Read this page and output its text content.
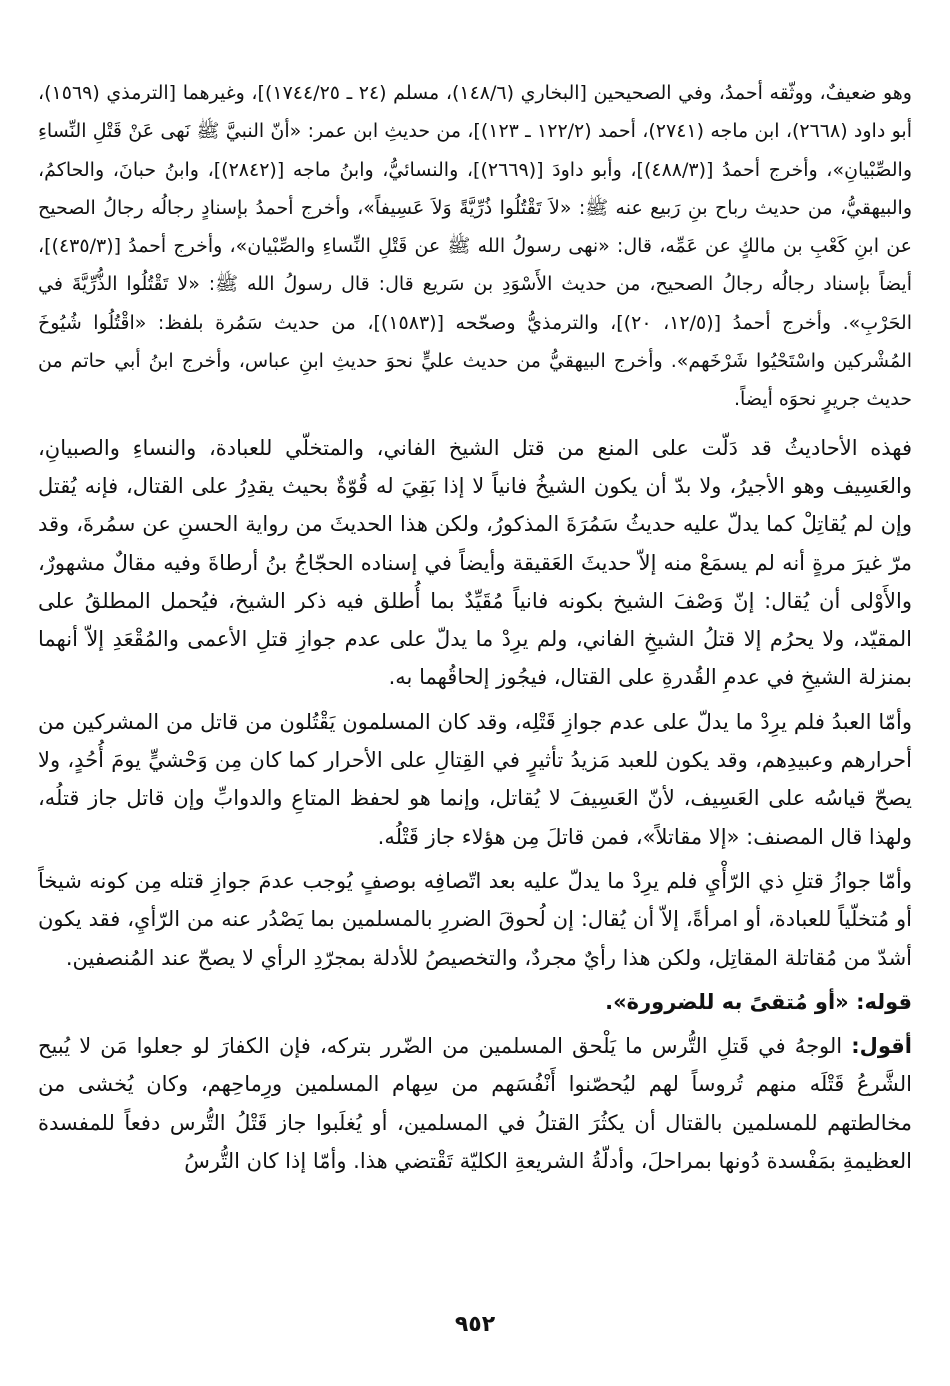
وهو ضعيفٌ، ووثّقه أحمدُ، وفي الصحيحين [البخاري (١٤٨/٦)، مسلم (٢٤ ـ ١٧٤٤/٢٥)]، وغيرهما [الترمذي (١٥٦٩)، أبو داود (٢٦٦٨)، ابن ماجه (٢٧٤١)، أحمد (١٢٢/٢ ـ ١٢٣)]، من حديثِ ابن عمر: «أنّ النبيَّ ﷺ نَهى عَنْ قَتْلِ النِّساءِ والصِّبْيانِ»، وأخرج أحمدُ [(٤٨٨/٣)]، وأبو داودَ [(٢٦٦٩)]، والنسائيُّ، وابنُ ماجه [(٢٨٤٢)]، وابنُ حبانَ، والحاكمُ، والبيهقيُّ، من حديث رباح بنِ رَبيع عنه ﷺ: «لاَ تَقْتُلُوا ذُرِّيَّةً وَلاَ عَسِيفاً»، وأخرج أحمدُ بإسنادٍ رجالُه رجالُ الصحيح عن ابنِ كَعْبِ بن مالكٍ عن عَمِّه، قال: «نهى رسولُ الله ﷺ عن قَتْلِ النِّساءِ والصِّبْيان»، وأخرج أحمدُ [(٤٣٥/٣)]، أيضاً بإسناد رجالُه رجالُ الصحيح، من حديث الأَسْوَدِ بن سَريع قال: قال رسولُ الله ﷺ: «لا تَقْتُلُوا الذُّرِّيَّةَ في الحَرْبِ». وأخرج أحمدُ [(١٢/٥، ٢٠)]، والترمذيُّ وصحّحه [(١٥٨٣)]، من حديث سَمُرة بلفظ: «اقْتُلُوا شُيُوخَ المُشْركين واسْتَحْيُوا شَرْخَهم». وأخرج البيهقيُّ من حديث عليٍّ نحوَ حديثِ ابنِ عباس، وأخرج ابنُ أبي حاتم من حديث جريرٍ نحوَه أيضاً.

فهذه الأحاديثُ قد دَلّت على المنع من قتل الشيخ الفاني، والمتخلّي للعبادة، والنساءِ والصبيانِ، والعَسِيف وهو الأجيرُ، ولا بدّ أن يكون الشيخُ فانياً لا إذا بَقِيَ له قُوّةٌ بحيث يقدِرُ على القتال، فإنه يُقتل وإن لم يُقاتِلْ كما يدلّ عليه حديثُ سَمُرَةَ المذكورُ، ولكن هذا الحديثَ من رواية الحسنِ عن سمُرةَ، وقد مرّ غيرَ مرةٍ أنه لم يسمَعْ منه إلاّ حديثَ العَقيقة وأيضاً في إسناده الحجّاجُ بنُ أرطاةَ وفيه مقالٌ مشهورٌ، والأَوْلى أن يُقال: إنّ وَصْفَ الشيخ بكونه فانياً مُقَيِّدٌ بما أُطلق فيه ذكر الشيخ، فيُحمل المطلقُ على المقيّد، ولا يحرُم إلا قتلُ الشيخِ الفاني، ولم يرِدْ ما يدلّ على عدم جوازِ قتلِ الأعمى والمُقْعَدِ إلاّ أنهما بمنزلة الشيخِ في عدمِ القُدرةِ على القتال، فيجُوز إلحاقُهما به.

وأمّا العبدُ فلم يرِدْ ما يدلّ على عدم جوازِ قَتْلِه، وقد كان المسلمون يَقْتُلون من قاتل من المشركين من أحرارهم وعبيدِهم، وقد يكون للعبد مَزيدُ تأثيرٍ في القِتالِ على الأحرار كما كان مِن وَحْشيٍّ يومَ أُحُدٍ، ولا يصحّ قياسُه على العَسِيف، لأنّ العَسِيفَ لا يُقاتل، وإنما هو لحفظ المتاعِ والدوابِّ وإن قاتل جاز قتلُه، ولهذا قال المصنف: «إلا مقاتلاً»، فمن قاتلَ مِن هؤلاء جاز قَتْلُه.

وأمّا جوازُ قتلِ ذي الرّأْيِ فلم يرِدْ ما يدلّ عليه بعد اتّصافِه بوصفٍ يُوجب عدمَ جوازِ قتله مِن كونه شيخاً أو مُتخلّياً للعبادة، أو امرأةً، إلاّ أن يُقال: إن لُحوقَ الضررِ بالمسلمين بما يَصْدُر عنه من الرّأيِ، فقد يكون أشدّ من مُقاتلة المقاتِل، ولكن هذا رأيٌ مجردٌ، والتخصيصُ للأدلة بمجرّدِ الرأي لا يصحّ عند المُنصفين.

قوله: «أو مُتقىً به للضرورة».

أقول: الوجهُ في قَتلِ التُّرس ما يَلْحق المسلمين من الضّرر بتركه، فإن الكفارَ لو جعلوا مَن لا يُبيح الشَّرعُ قَتْلَه منهم تُروساً لهم ليُحصّنوا أَنْفُسَهم من سِهام المسلمين ورِماحِهم، وكان يُخشى من مخالطتهم للمسلمين بالقتال أن يكثُرَ القتلُ في المسلمين، أو يُغلَبوا جاز قَتْلُ التُّرس دفعاً للمفسدة العظيمةِ بمَفْسدة دُونها بمراحلَ، وأدلّةُ الشريعةِ الكليّة تَقْتضي هذا. وأمّا إذا كان التُّرسُ

٩٥٢
